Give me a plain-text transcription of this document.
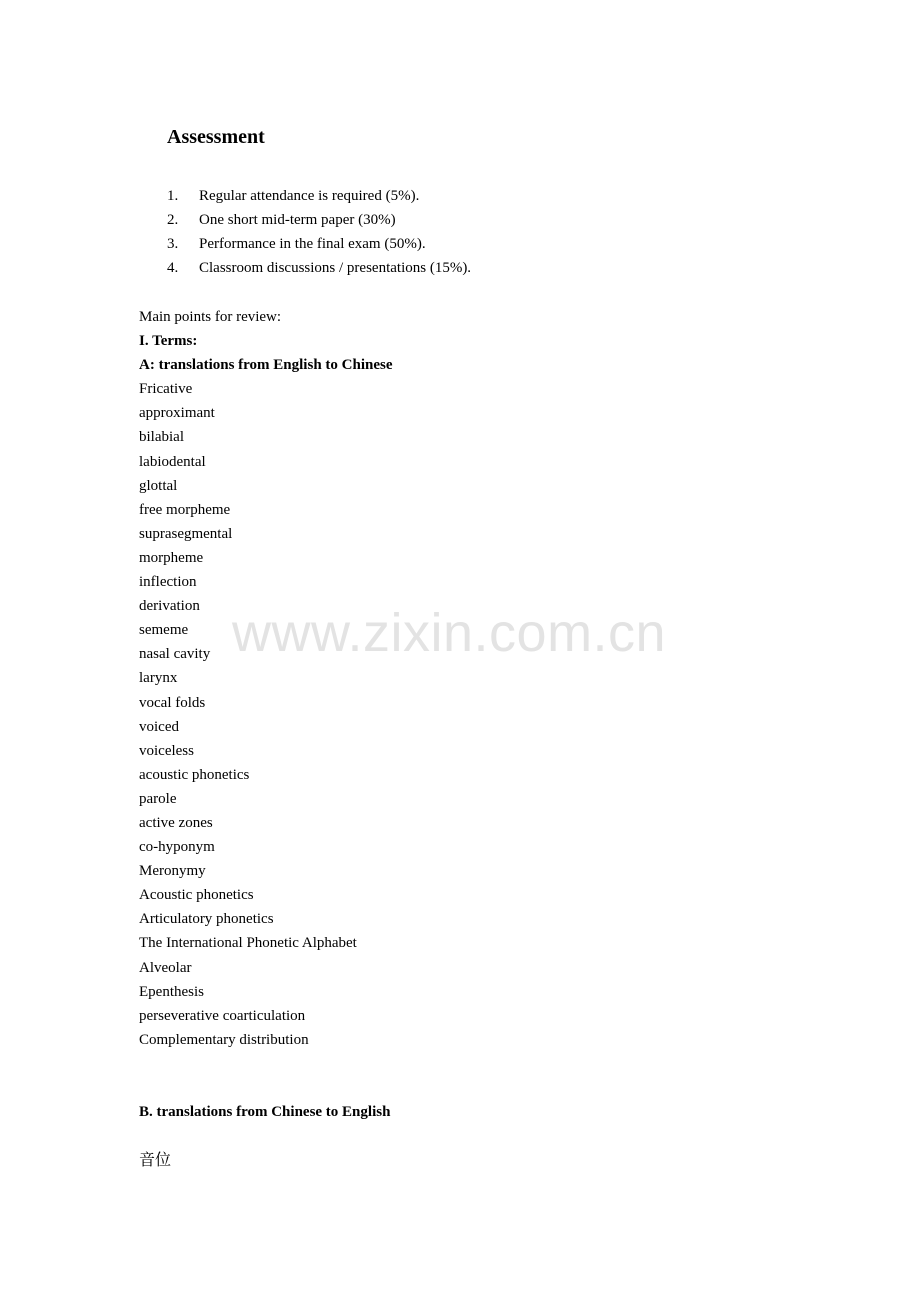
Assessment
1. Regular attendance is required (5%).
2. One short mid-term paper (30%)
3. Performance in the final exam (50%).
4. Classroom discussions / presentations (15%).
Main points for review:
I. Terms:
A: translations from English to Chinese
Fricative
approximant
bilabial
labiodental
glottal
free morpheme
suprasegmental
morpheme
inflection
derivation
sememe
nasal cavity
larynx
vocal folds
voiced
voiceless
acoustic phonetics
parole
active zones
co-hyponym
Meronymy
Acoustic phonetics
Articulatory phonetics
The International Phonetic Alphabet
Alveolar
Epenthesis
perseverative coarticulation
Complementary distribution
B. translations from Chinese to English
音位
www.zixin.com.cn
